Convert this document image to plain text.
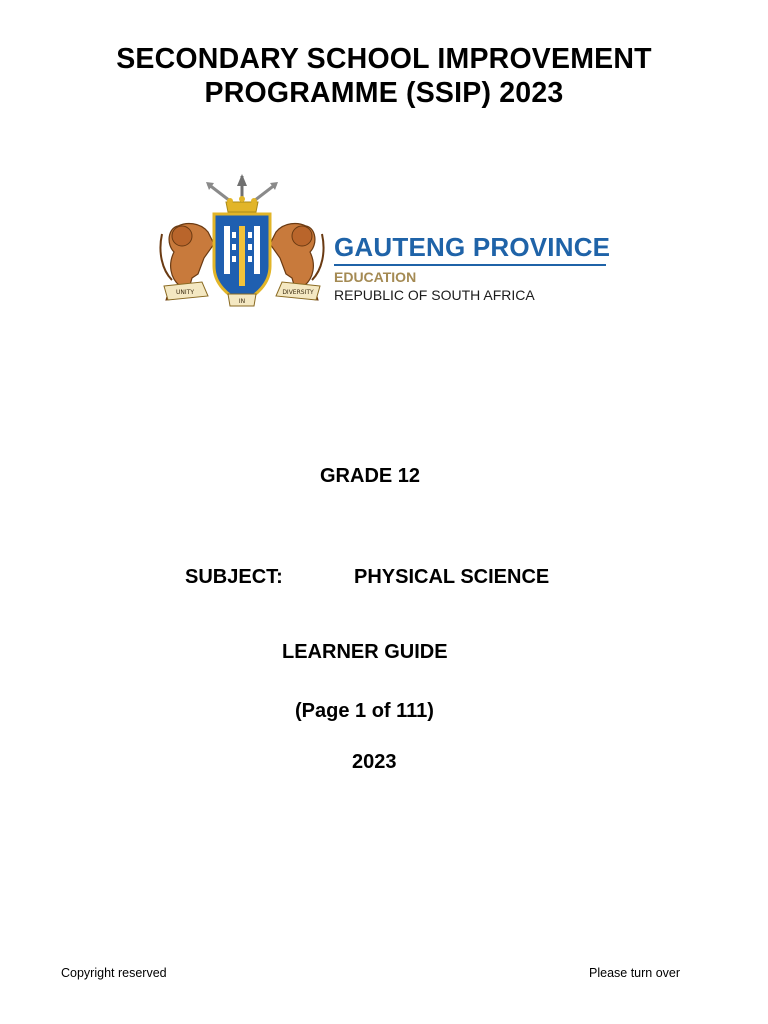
SECONDARY SCHOOL IMPROVEMENT
PROGRAMME (SSIP) 2023
UNITY
IN
DIVERSITY
GAUTENG PROVINCE
EDUCATION
REPUBLIC OF SOUTH AFRICA
GRADE 12
SUBJECT:	PHYSICAL SCIENCE
LEARNER GUIDE
(Page 1 of 111)
2023
Copyright reserved	Please turn over
